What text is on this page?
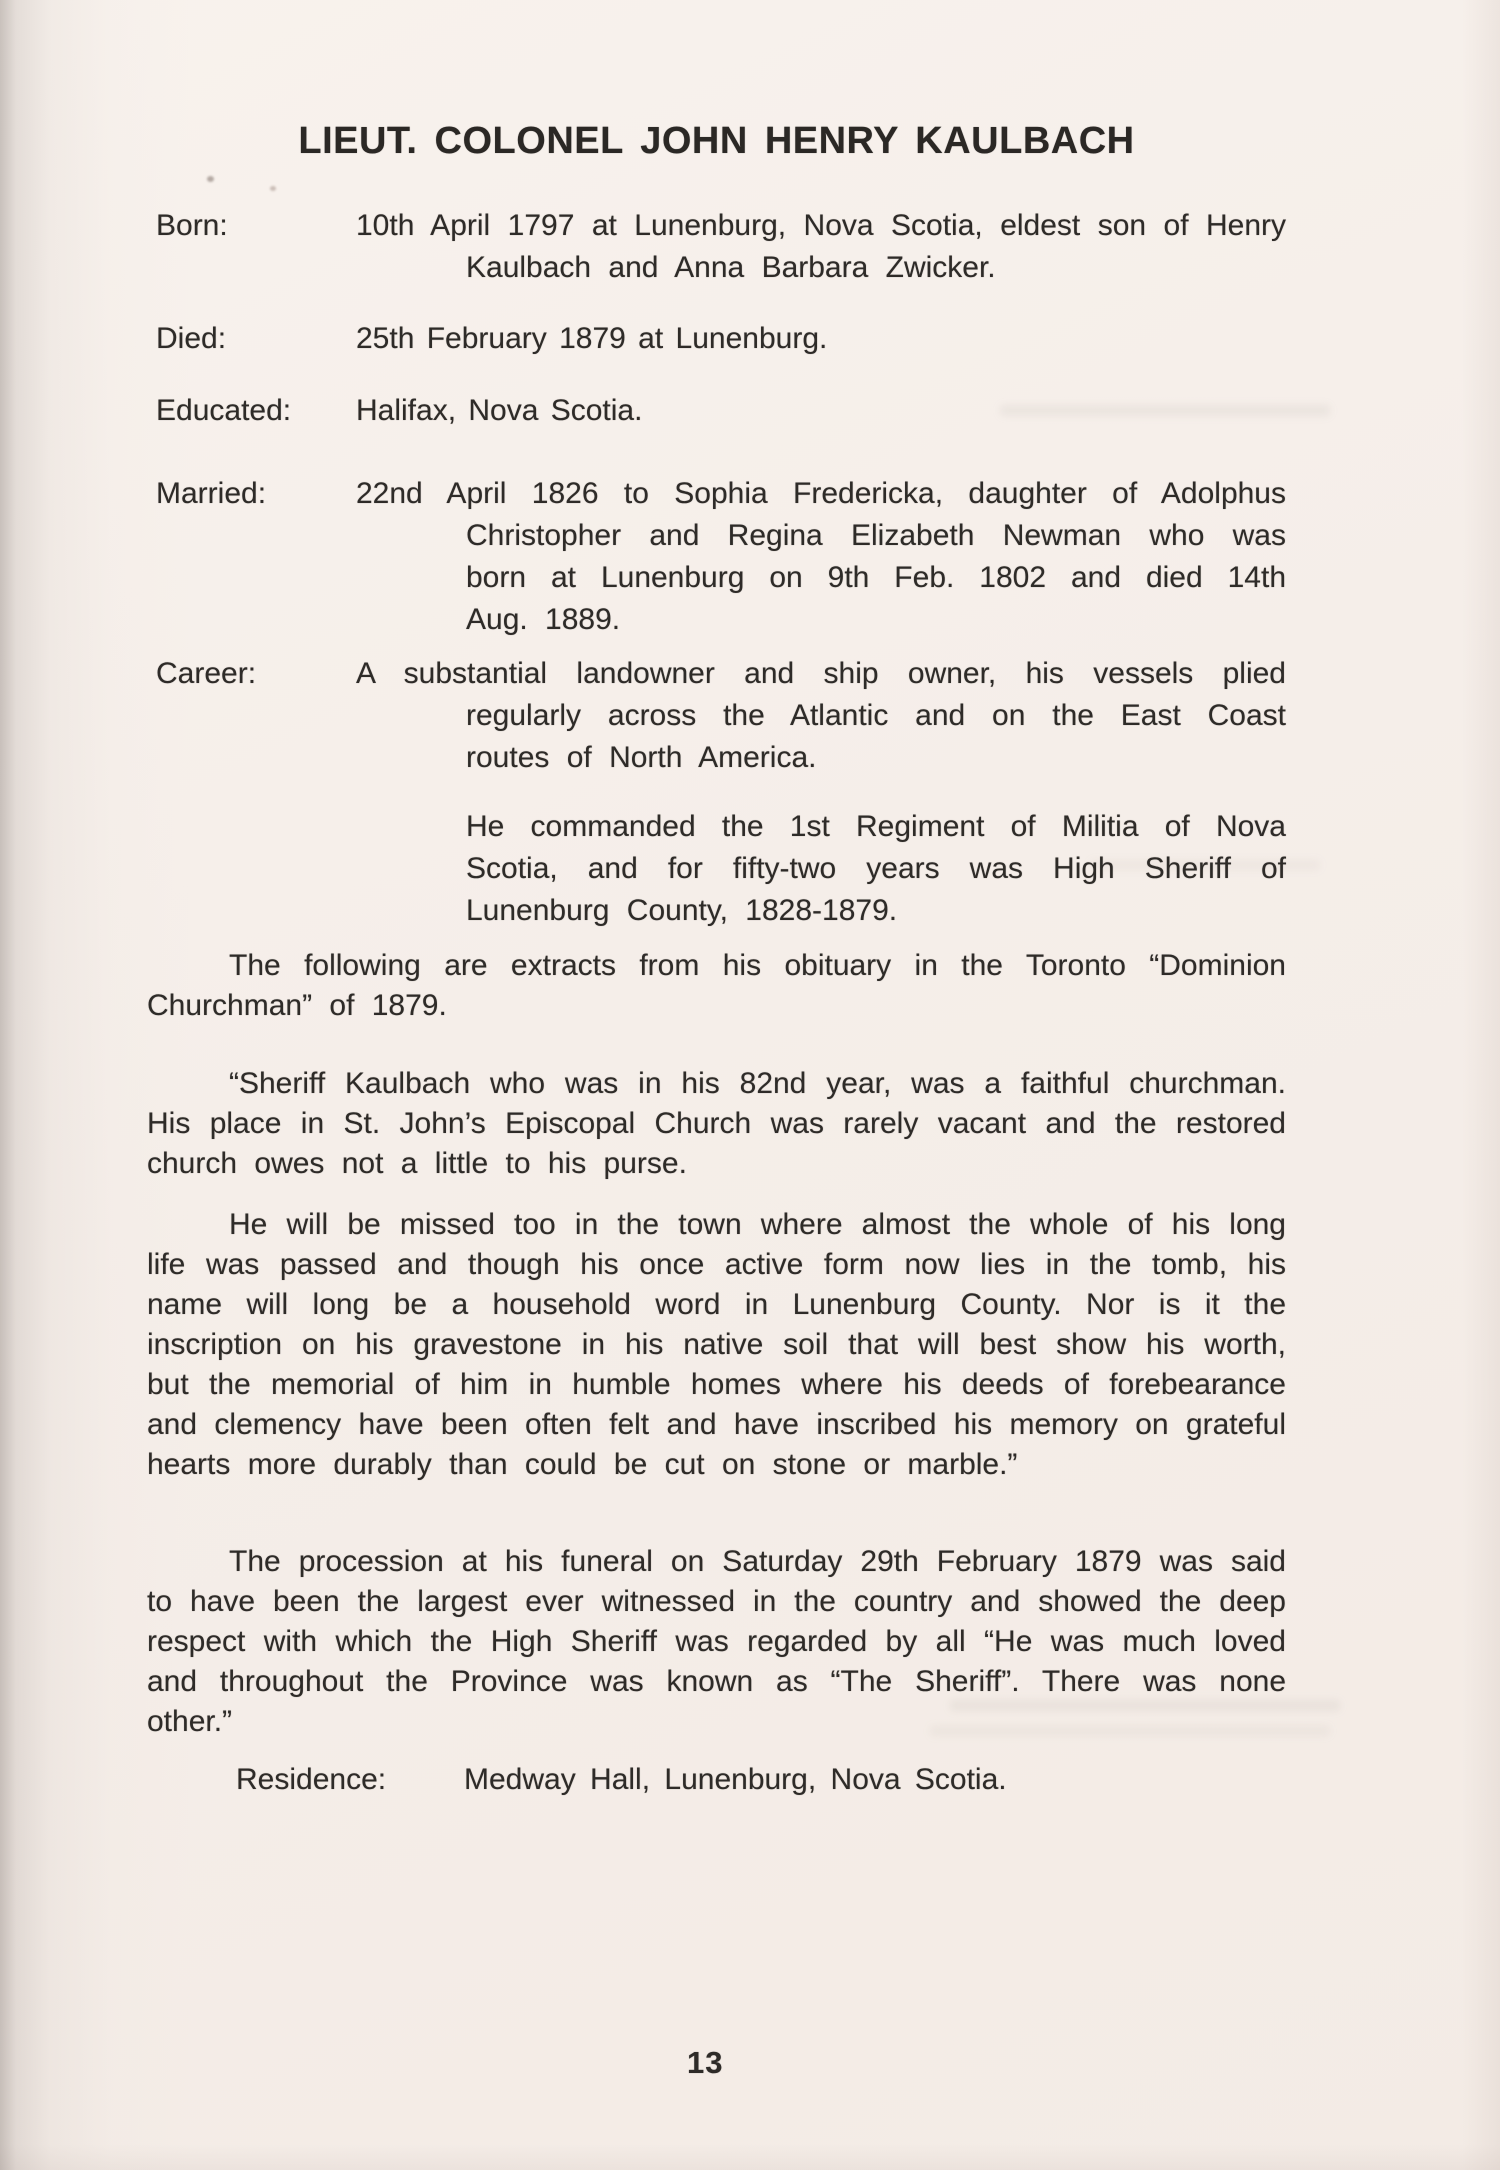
LIEUT. COLONEL JOHN HENRY KAULBACH
Born:	10th April 1797 at Lunenburg, Nova Scotia, eldest son of Henry Kaulbach and Anna Barbara Zwicker.
Died:	25th February 1879 at Lunenburg.
Educated: Halifax, Nova Scotia.
Married:	22nd April 1826 to Sophia Fredericka, daughter of Adolphus Christopher and Regina Elizabeth Newman who was born at Lunenburg on 9th Feb. 1802 and died 14th Aug. 1889.
Career:	A substantial landowner and ship owner, his vessels plied regularly across the Atlantic and on the East Coast routes of North America.
He commanded the 1st Regiment of Militia of Nova Scotia, and for fifty-two years was High Sheriff of Lunenburg County, 1828-1879.
The following are extracts from his obituary in the Toronto “Dominion Churchman” of 1879.
“Sheriff Kaulbach who was in his 82nd year, was a faithful churchman. His place in St. John’s Episcopal Church was rarely vacant and the restored church owes not a little to his purse.
He will be missed too in the town where almost the whole of his long life was passed and though his once active form now lies in the tomb, his name will long be a household word in Lunenburg County. Nor is it the inscription on his gravestone in his native soil that will best show his worth, but the memorial of him in humble homes where his deeds of forebearance and clemency have been often felt and have inscribed his memory on grateful hearts more durably than could be cut on stone or marble.”
The procession at his funeral on Saturday 29th February 1879 was said to have been the largest ever witnessed in the country and showed the deep respect with which the High Sheriff was regarded by all “He was much loved and throughout the Province was known as “The Sheriff”. There was none other.”
Residence:	Medway Hall, Lunenburg, Nova Scotia.
13
